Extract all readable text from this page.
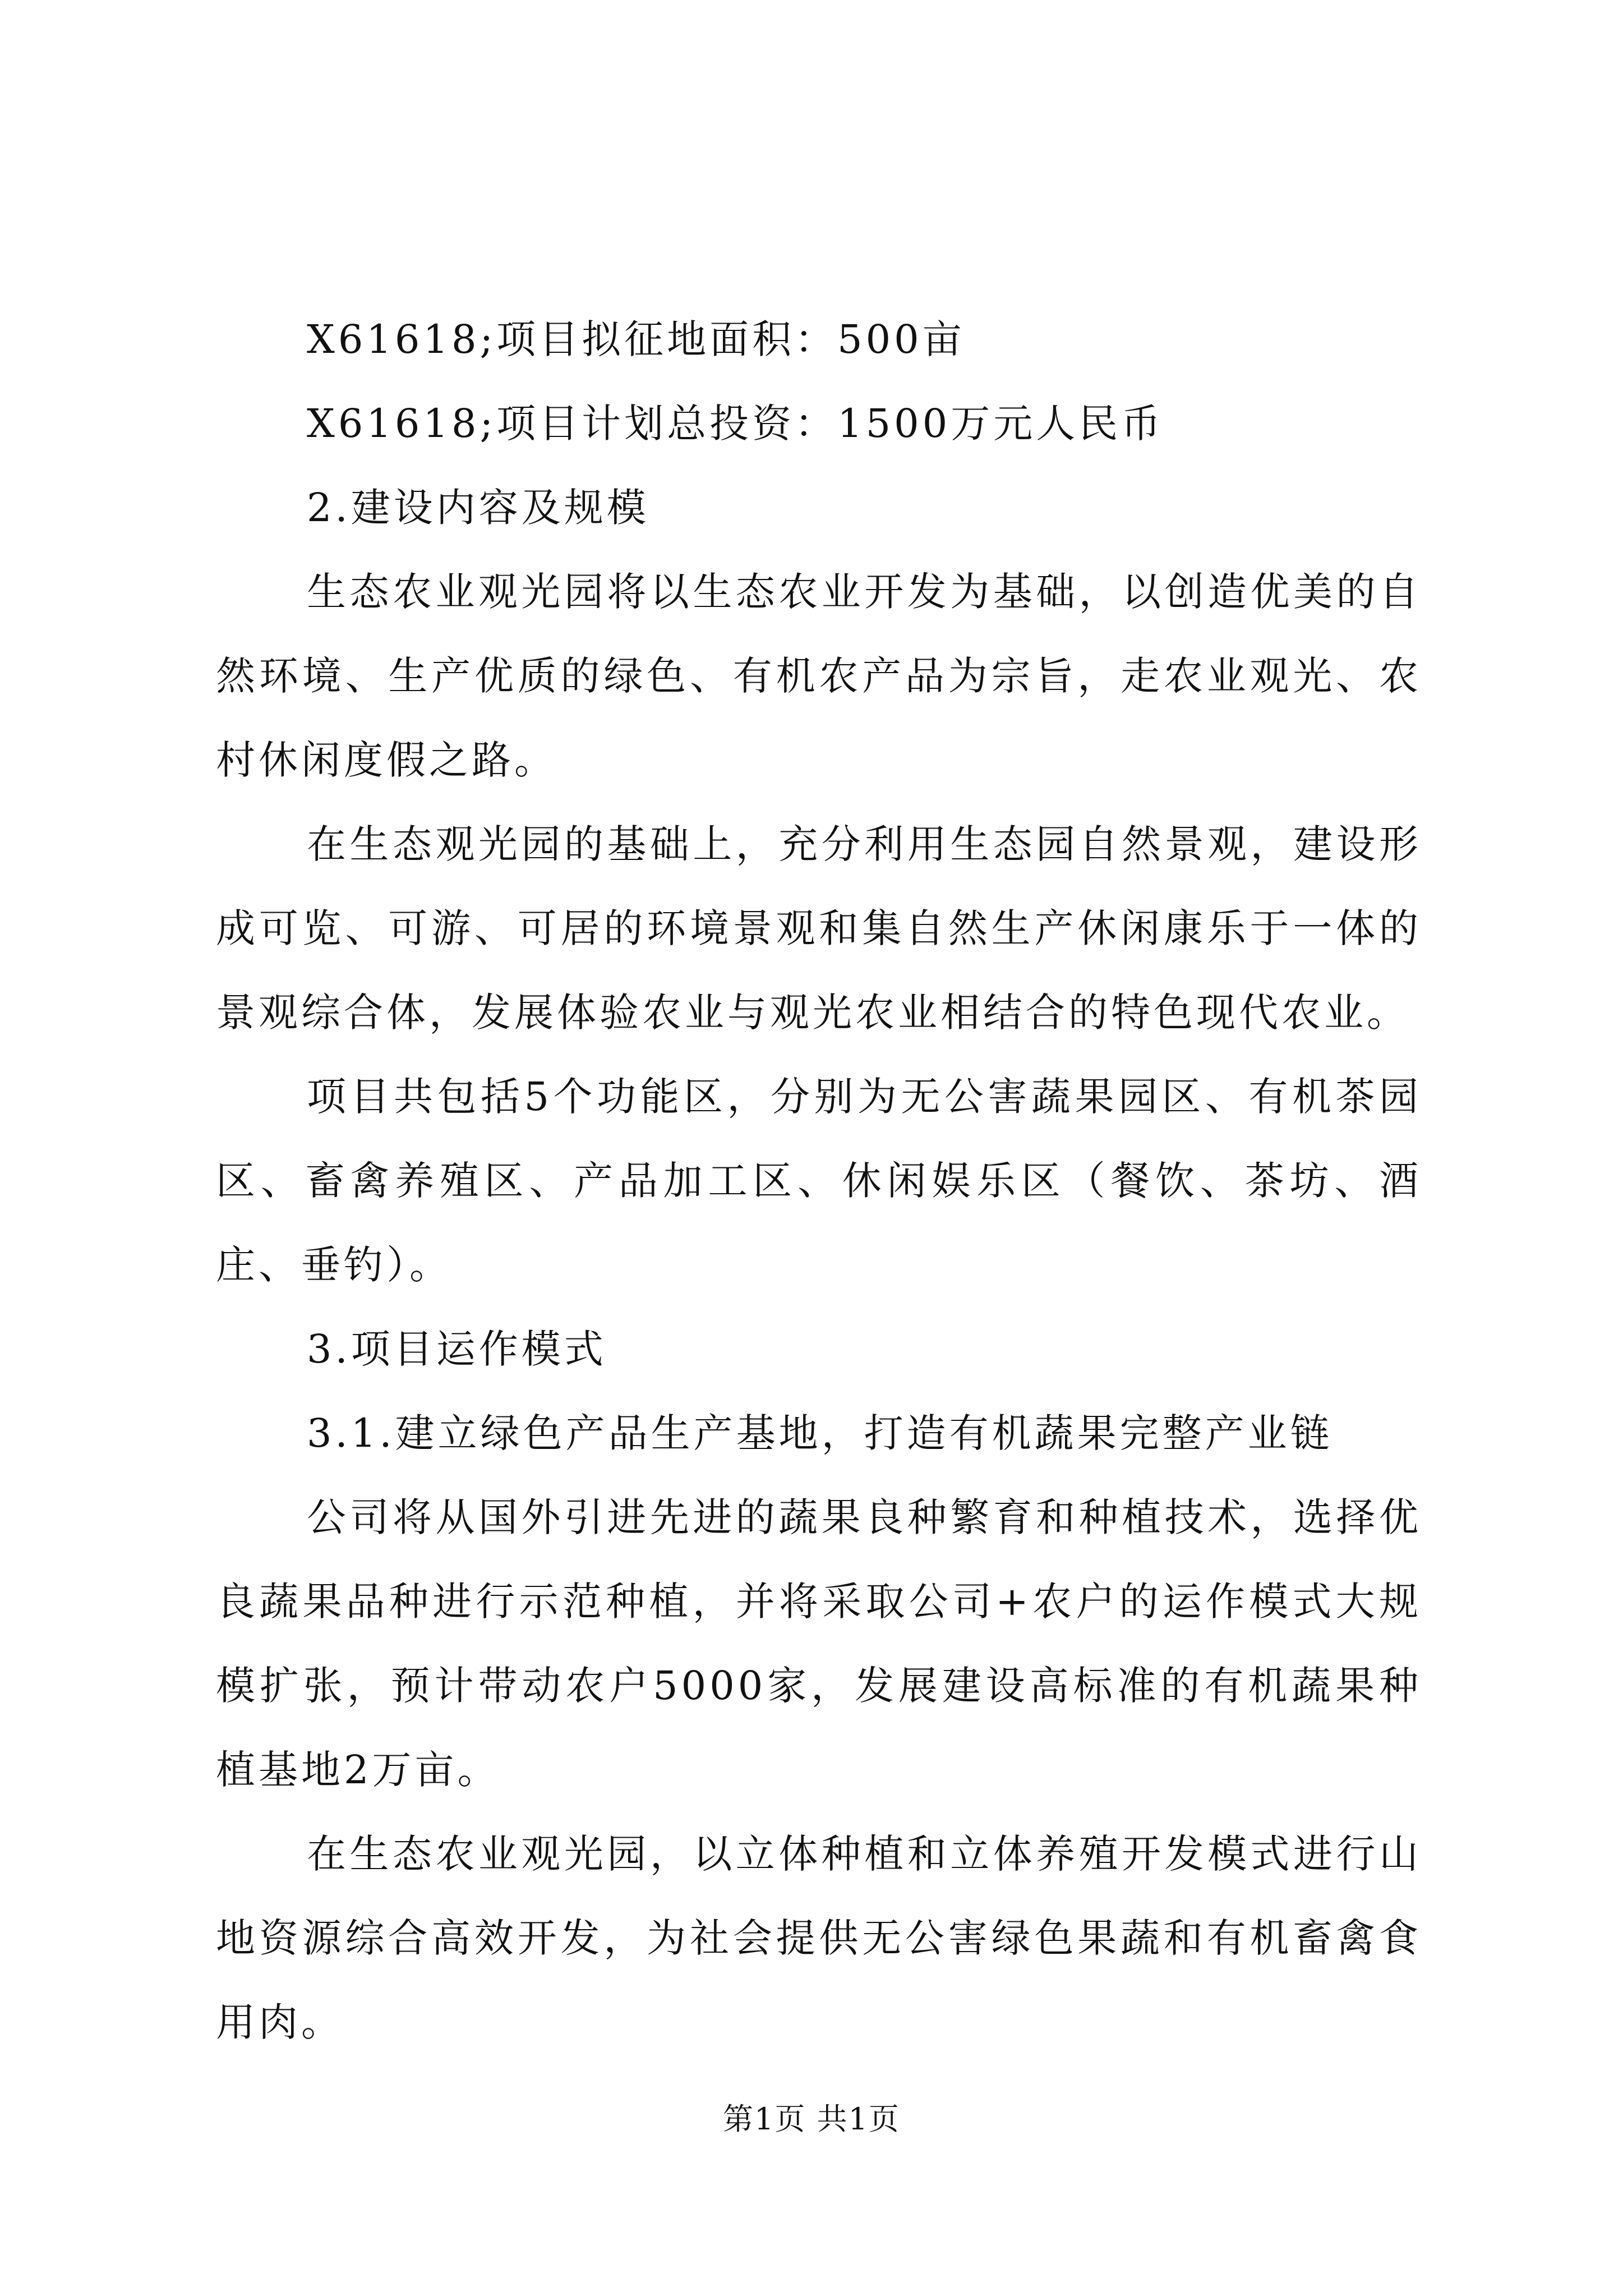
X61618;项目拟征地面积：500亩

X61618;项目计划总投资：1500万元人民币

2.建设内容及规模

生态农业观光园将以生态农业开发为基础，以创造优美的自然环境、生产优质的绿色、有机农产品为宗旨，走农业观光、农村休闲度假之路。

在生态观光园的基础上，充分利用生态园自然景观，建设形成可览、可游、可居的环境景观和集自然生产休闲康乐于一体的景观综合体，发展体验农业与观光农业相结合的特色现代农业。

项目共包括5个功能区，分别为无公害蔬果园区、有机茶园区、畜禽养殖区、产品加工区、休闲娱乐区（餐饮、茶坊、酒庄、垂钓）。

3.项目运作模式

3.1.建立绿色产品生产基地，打造有机蔬果完整产业链

公司将从国外引进先进的蔬果良种繁育和种植技术，选择优良蔬果品种进行示范种植，并将采取公司+农户的运作模式大规模扩张，预计带动农户5000家，发展建设高标准的有机蔬果种植基地2万亩。

在生态农业观光园，以立体种植和立体养殖开发模式进行山地资源综合高效开发，为社会提供无公害绿色果蔬和有机畜禽食用肉。

第1页 共1页
